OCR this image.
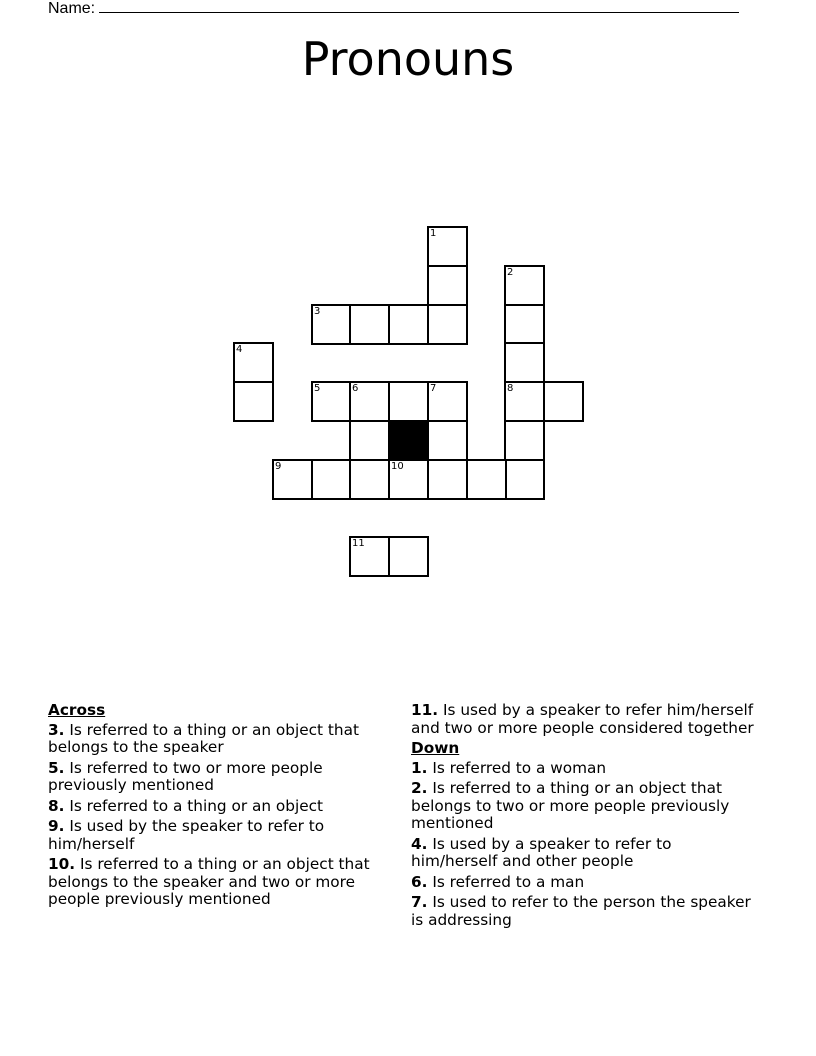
Name:
Pronouns
1
2
8
3
4
5	6	7
9	10
11
Across
3. Is referred to a thing or an object that belongs to the speaker
5. Is referred to two or more people previously mentioned
8. Is referred to a thing or an object
9. Is used by the speaker to refer to him/herself
10. Is referred to a thing or an object that belongs to the speaker and two or more people previously mentioned
11. Is used by a speaker to refer him/herself and two or more people considered together
Down
1. Is referred to a woman
2. Is referred to a thing or an object that belongs to two or more people previously mentioned
4. Is used by a speaker to refer to him/herself and other people
6. Is referred to a man
7. Is used to refer to the person the speaker is addressing
